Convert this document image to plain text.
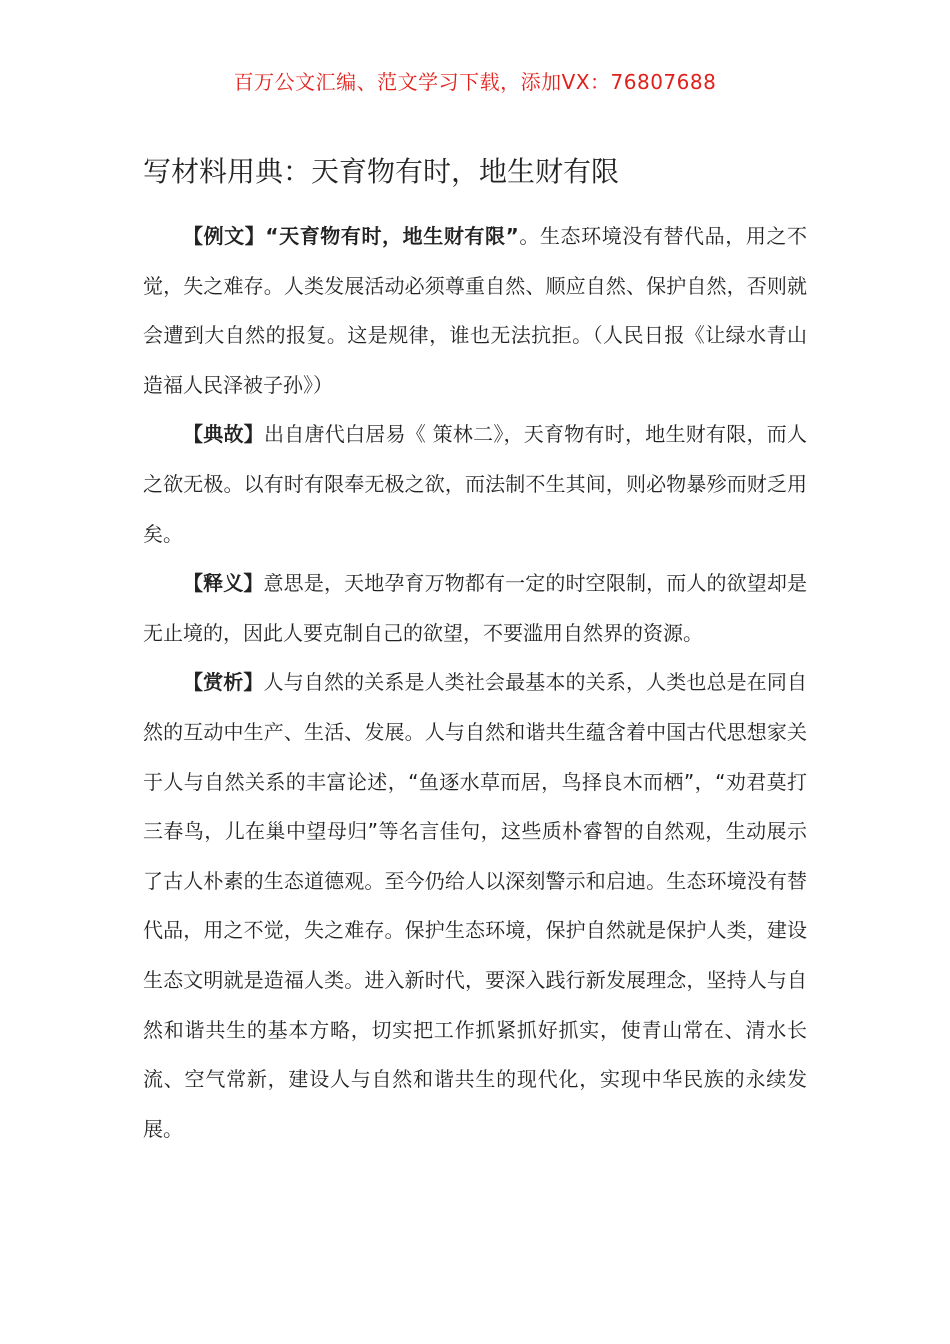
百万公文汇编、范文学习下载，添加VX：76807688
写材料用典：天育物有时，地生财有限

【例文】“天育物有时，地生财有限”。生态环境没有替代品，用之不觉，失之难存。人类发展活动必须尊重自然、顺应自然、保护自然，否则就会遭到大自然的报复。这是规律，谁也无法抗拒。（人民日报《让绿水青山造福人民泽被子孙》）

【典故】出自唐代白居易《 策林二》，天育物有时，地生财有限，而人之欲无极。以有时有限奉无极之欲，而法制不生其间，则必物暴殄而财乏用矣。

【释义】意思是，天地孕育万物都有一定的时空限制，而人的欲望却是无止境的，因此人要克制自己的欲望，不要滥用自然界的资源。

【赏析】人与自然的关系是人类社会最基本的关系，人类也总是在同自然的互动中生产、生活、发展。人与自然和谐共生蕴含着中国古代思想家关于人与自然关系的丰富论述，“鱼逐水草而居，鸟择良木而栖”，“劝君莫打三春鸟，儿在巢中望母归”等名言佳句，这些质朴睿智的自然观，生动展示了古人朴素的生态道德观。至今仍给人以深刻警示和启迪。生态环境没有替代品，用之不觉，失之难存。保护生态环境，保护自然就是保护人类，建设生态文明就是造福人类。进入新时代，要深入践行新发展理念，坚持人与自然和谐共生的基本方略，切实把工作抓紧抓好抓实，使青山常在、清水长流、空气常新，建设人与自然和谐共生的现代化，实现中华民族的永续发展。
